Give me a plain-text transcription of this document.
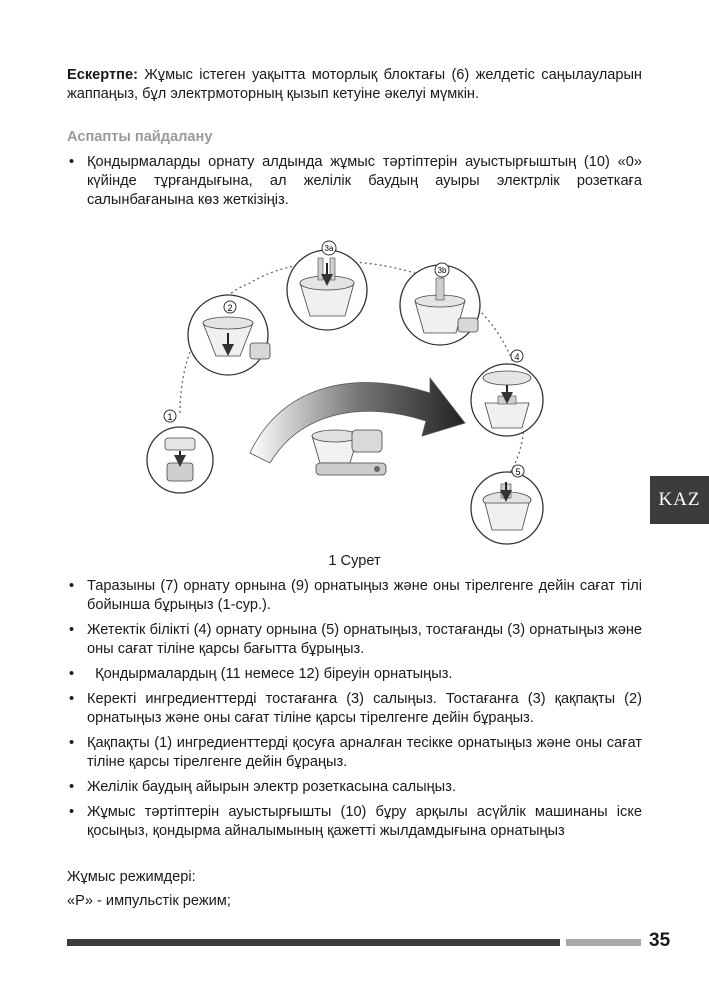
Ескертпе: Жұмыс істеген уақытта моторлық блоктағы (6) желдетіс саңылауларын жаппаңыз, бұл электрмоторның қызып кетуіне әкелуі мүмкін.
Аспапты пайдалану
• Қондырмаларды орнату алдында жұмыс тәртіптерін ауыстырғыштың (10) «0» күйінде тұрғандығына, ал желілік баудың ауыры электрлік розеткаға салынбағанына көз жеткізіңіз.
1
2
3a
3b
4
5
1 Сурет
• Таразыны (7) орнату орнына (9) орнатыңыз және оны тірелгенге дейін сағат тілі бойынша бұрыңыз (1-сур.).
• Жетектік білікті (4) орнату орнына (5) орнатыңыз, тостағанды (3) орнатыңыз және оны сағат тіліне қарсы бағытта бұрыңыз.
•   Қондырмалардың (11 немесе 12) біреуін орнатыңыз.
• Керекті ингредиенттерді тостағанға (3) салыңыз. Тостағанға (3) қақпақты (2) орнатыңыз және оны сағат тіліне қарсы тірелгенге дейін бұраңыз.
• Қақпақты (1) ингредиенттерді қосуға арналған тесікке орнатыңыз және оны сағат тіліне қарсы тірелгенге дейін бұраңыз.
• Желілік баудың айырын электр розеткасына салыңыз.
• Жұмыс тәртіптерін ауыстырғышты (10) бұру арқылы асүйлік машинаны іске қосыңыз, қондырма айналымының қажетті жылдамдығына орнатыңыз
Жұмыс режимдері:
«P» - импульстік режим;
KAZ
35
